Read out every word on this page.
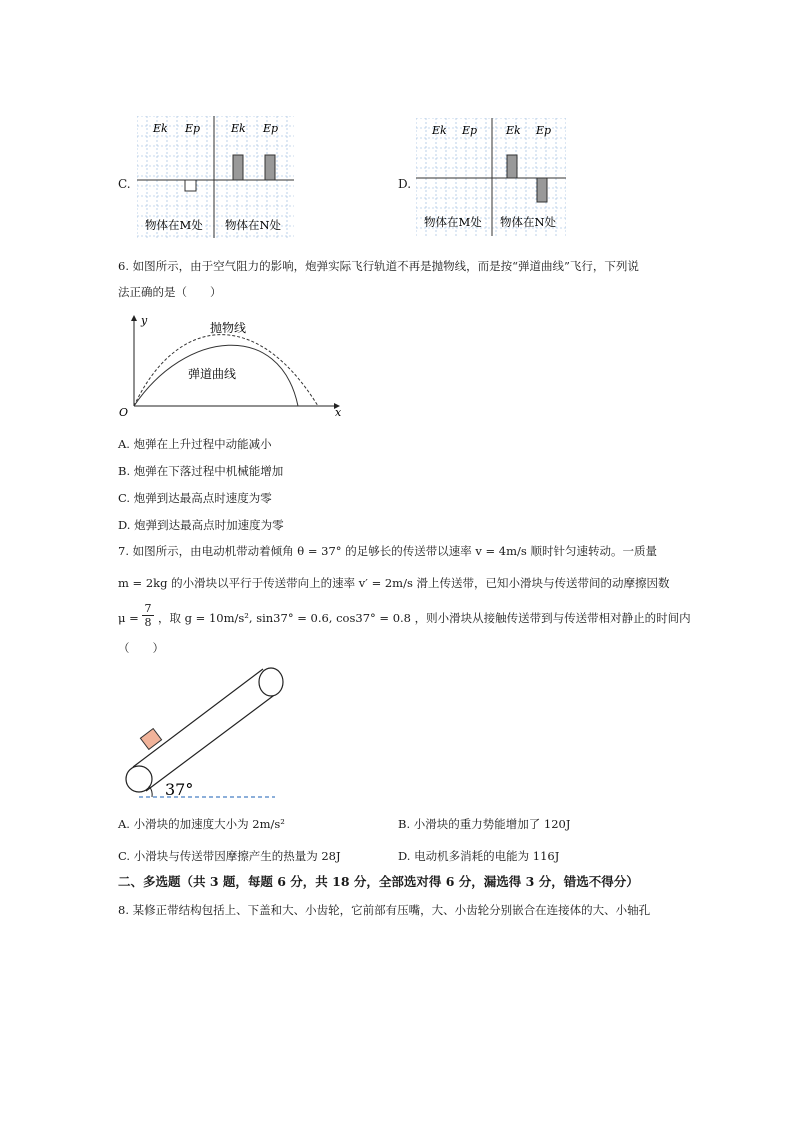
C.
Ek Ep	Ek Ep
物体在M处 物体在N处
D.
Ek Ep	Ek Ep
物体在M处 物体在N处
6. 如图所示，由于空气阻力的影响，炮弹实际飞行轨道不再是抛物线，而是按“弹道曲线”飞行，下列说
法正确的是（　　）
y
x
O
抛物线
弹道曲线
A. 炮弹在上升过程中动能减小
B. 炮弹在下落过程中机械能增加
C. 炮弹到达最高点时速度为零
D. 炮弹到达最高点时加速度为零
7. 如图所示，由电动机带动着倾角 θ = 37° 的足够长的传送带以速率 v = 4m/s 顺时针匀速转动。一质量
m = 2kg 的小滑块以平行于传送带向上的速率 v′ = 2m/s 滑上传送带，已知小滑块与传送带间的动摩擦因数
$\mu = \frac{7}{8}$ ，取 g = 10m/s², sin37° = 0.6, cos37° = 0.8 ，则小滑块从接触传送带到与传送带相对静止的时间内
（　　）
37°
A. 小滑块的加速度大小为 2m/s²	B. 小滑块的重力势能增加了 120J
C. 小滑块与传送带因摩擦产生的热量为 28J	D. 电动机多消耗的电能为 116J
二、多选题（共 3 题，每题 6 分，共 18 分，全部选对得 6 分，漏选得 3 分，错选不得分）
8. 某修正带结构包括上、下盖和大、小齿轮，它前部有压嘴，大、小齿轮分别嵌合在连接体的大、小轴孔
